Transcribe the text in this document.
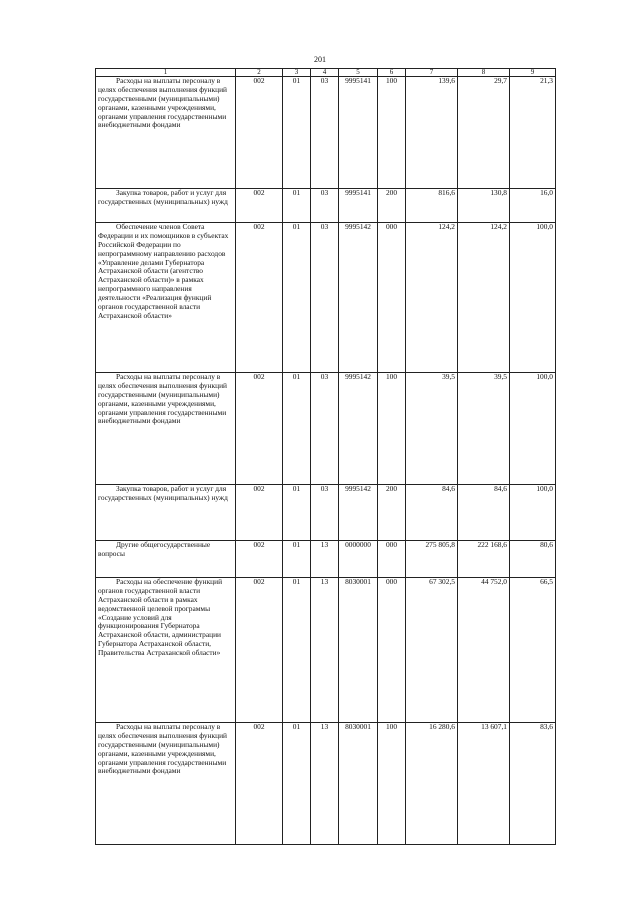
201
1	2	3	4	5	6	7	8	9

Расходы на выплаты персоналу в целях обеспечения выполнения функций государственными (муниципальными) органами, казенными учреждениями, органами управления государственными внебюджетными фондами	002	01	03	9995141	100	139,6	29,7	21,3

Закупка товаров, работ и услуг для государственных (муниципальных) нужд	002	01	03	9995141	200	816,6	130,8	16,0

Обеспечение членов Совета Федерации и их помощников в субъектах Российской Федерации по непрограммному направлению расходов «Управление делами Губернатора Астраханской области (агентство Астраханской области)» в рамках непрограммного направления деятельности «Реализация функций органов государственной власти Астраханской области»	002	01	03	9995142	000	124,2	124,2	100,0

Расходы на выплаты персоналу в целях обеспечения выполнения функций государственными (муниципальными) органами, казенными учреждениями, органами управления государственными внебюджетными фондами	002	01	03	9995142	100	39,5	39,5	100,0

Закупка товаров, работ и услуг для государственных (муниципальных) нужд	002	01	03	9995142	200	84,6	84,6	100,0

Другие общегосударственные вопросы	002	01	13	0000000	000	275 805,8	222 168,6	80,6

Расходы на обеспечение функций органов государственной власти Астраханской области в рамках ведомственной целевой программы «Создание условий для функционирования Губернатора Астраханской области, администрации Губернатора Астраханской области, Правительства Астраханской области»	002	01	13	8030001	000	67 302,5	44 752,0	66,5

Расходы на выплаты персоналу в целях обеспечения выполнения функций государственными (муниципальными) органами, казенными учреждениями, органами управления государственными внебюджетными фондами	002	01	13	8030001	100	16 280,6	13 607,1	83,6
